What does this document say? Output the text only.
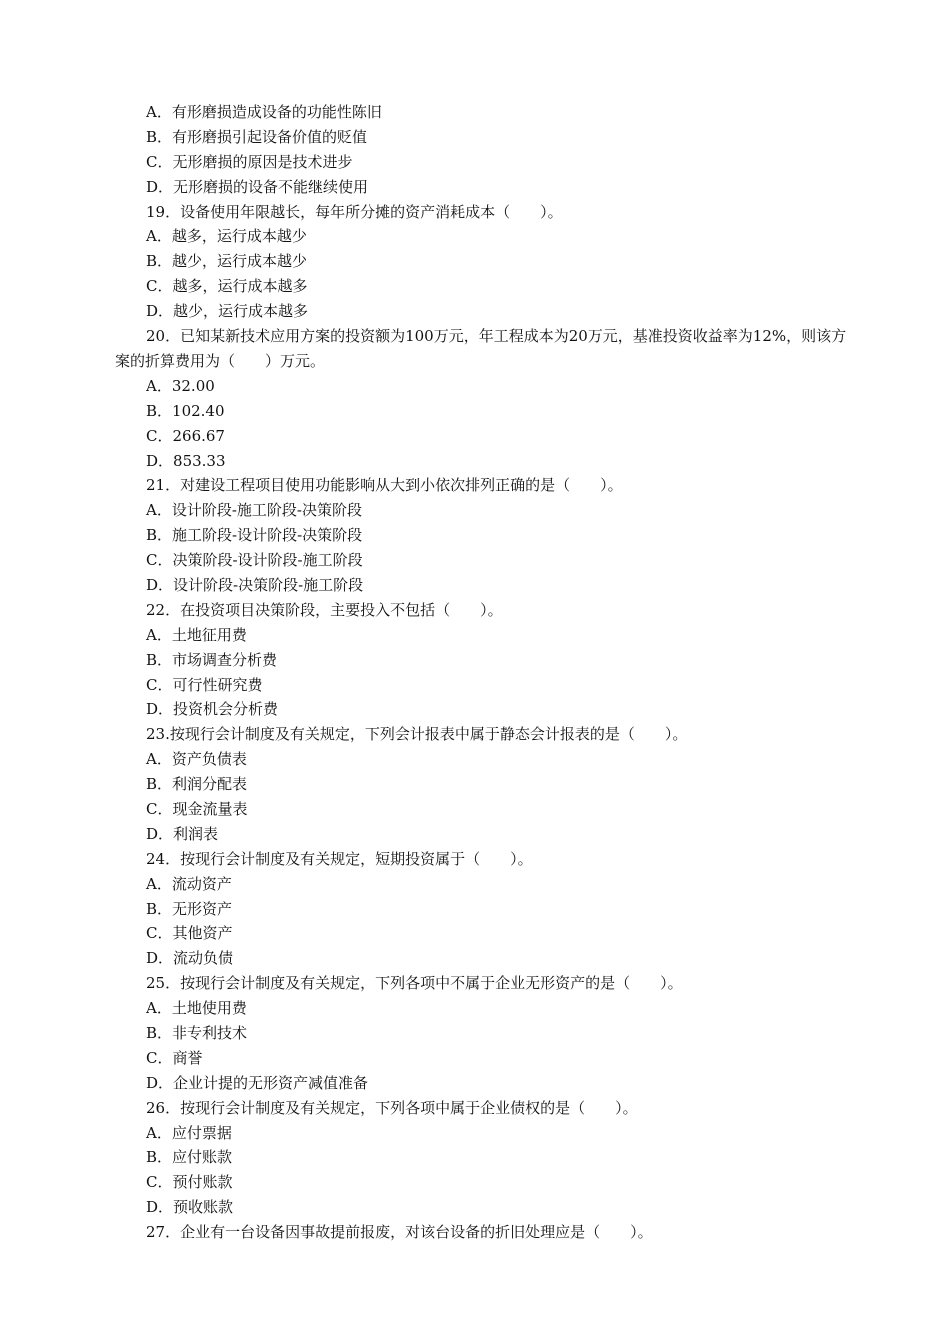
A．有形磨损造成设备的功能性陈旧
B．有形磨损引起设备价值的贬值
C．无形磨损的原因是技术进步
D．无形磨损的设备不能继续使用
19．设备使用年限越长，每年所分摊的资产消耗成本（　　）。
A．越多，运行成本越少
B．越少，运行成本越少
C．越多，运行成本越多
D．越少，运行成本越多
20．已知某新技术应用方案的投资额为100万元，年工程成本为20万元，基准投资收益率为12%，则该方案的折算费用为（　　）万元。
A．32.00
B．102.40
C．266.67
D．853.33
21．对建设工程项目使用功能影响从大到小依次排列正确的是（　　）。
A．设计阶段-施工阶段-决策阶段
B．施工阶段-设计阶段-决策阶段
C．决策阶段-设计阶段-施工阶段
D．设计阶段-决策阶段-施工阶段
22．在投资项目决策阶段，主要投入不包括（　　）。
A．土地征用费
B．市场调查分析费
C．可行性研究费
D．投资机会分析费
23.按现行会计制度及有关规定，下列会计报表中属于静态会计报表的是（　　）。
A．资产负债表
B．利润分配表
C．现金流量表
D．利润表
24．按现行会计制度及有关规定，短期投资属于（　　）。
A．流动资产
B．无形资产
C．其他资产
D．流动负债
25．按现行会计制度及有关规定，下列各项中不属于企业无形资产的是（　　）。
A．土地使用费
B．非专利技术
C．商誉
D．企业计提的无形资产减值准备
26．按现行会计制度及有关规定，下列各项中属于企业债权的是（　　）。
A．应付票据
B．应付账款
C．预付账款
D．预收账款
27．企业有一台设备因事故提前报废，对该台设备的折旧处理应是（　　）。
